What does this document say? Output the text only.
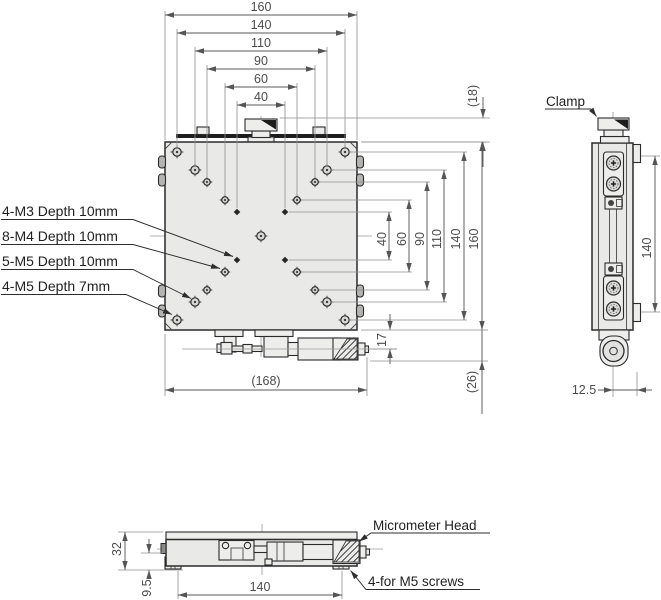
160
140
110
90
60
40
40 60 90 110 140 160
(18)
17
(26)
(168)
4-M3 Depth 10mm
8-M4 Depth 10mm
5-M5 Depth 10mm
4-M5 Depth 7mm
Clamp
140
12.5
Micrometer Head
4-for M5 screws
32
9.5	140
